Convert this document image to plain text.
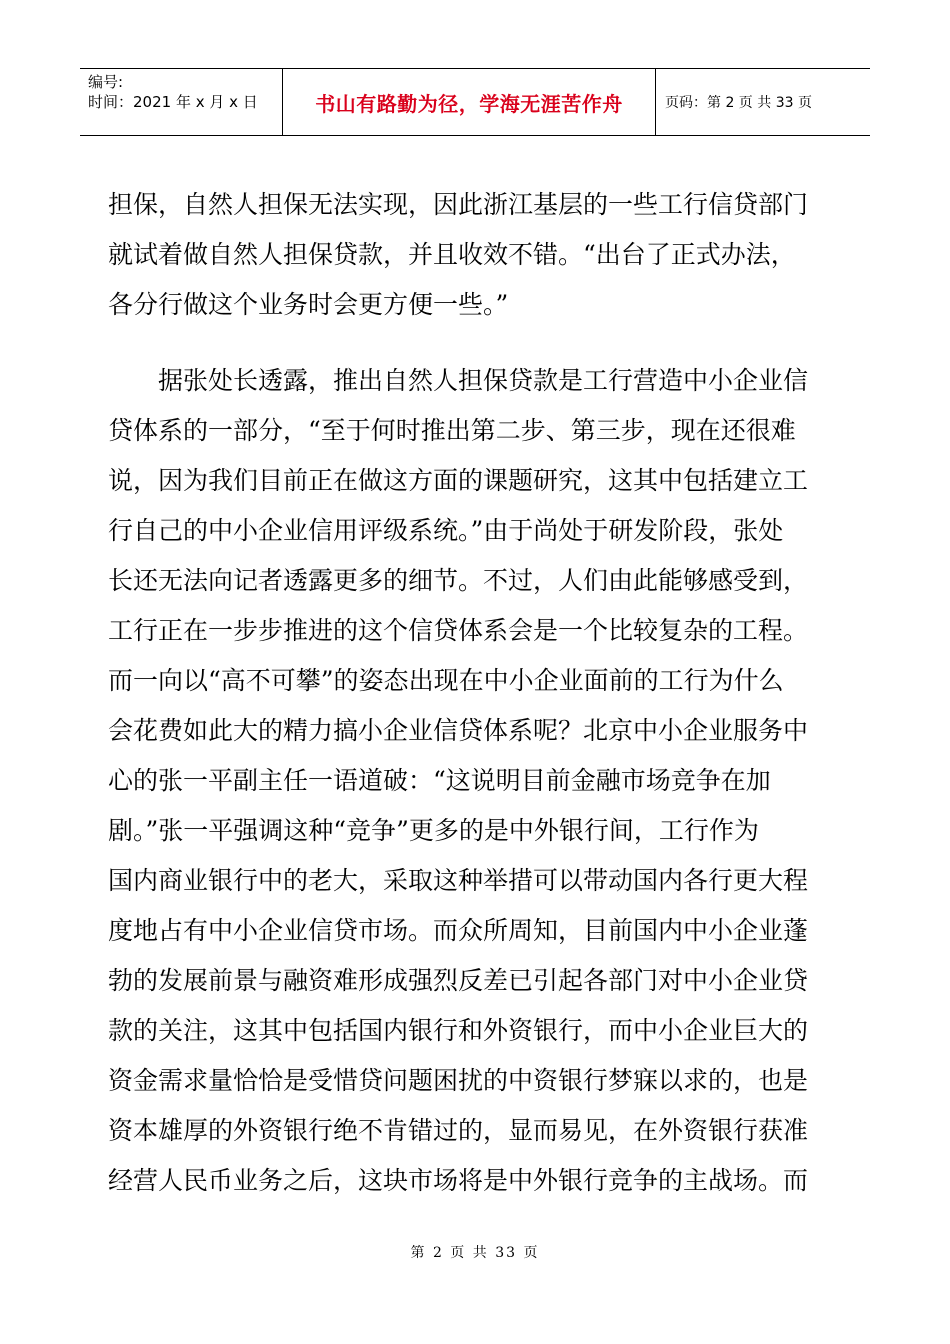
编号:
时间：2021 年 x 月 x 日	书山有路勤为径，学海无涯苦作舟	页码：第 2 页 共 33 页
担保，自然人担保无法实现，因此浙江基层的一些工行信贷部门
就试着做自然人担保贷款，并且收效不错。“出台了正式办法，
各分行做这个业务时会更方便一些。”
据张处长透露，推出自然人担保贷款是工行营造中小企业信
贷体系的一部分，“至于何时推出第二步、第三步，现在还很难
说，因为我们目前正在做这方面的课题研究，这其中包括建立工
行自己的中小企业信用评级系统。”由于尚处于研发阶段，张处
长还无法向记者透露更多的细节。不过，人们由此能够感受到，
工行正在一步步推进的这个信贷体系会是一个比较复杂的工程。
而一向以“高不可攀”的姿态出现在中小企业面前的工行为什么
会花费如此大的精力搞小企业信贷体系呢？北京中小企业服务中
心的张一平副主任一语道破：“这说明目前金融市场竞争在加
剧。”张一平强调这种“竞争”更多的是中外银行间，工行作为
国内商业银行中的老大，采取这种举措可以带动国内各行更大程
度地占有中小企业信贷市场。而众所周知，目前国内中小企业蓬
勃的发展前景与融资难形成强烈反差已引起各部门对中小企业贷
款的关注，这其中包括国内银行和外资银行，而中小企业巨大的
资金需求量恰恰是受惜贷问题困扰的中资银行梦寐以求的，也是
资本雄厚的外资银行绝不肯错过的，显而易见，在外资银行获准
经营人民币业务之后，这块市场将是中外银行竞争的主战场。而
第 2 页 共 33 页
